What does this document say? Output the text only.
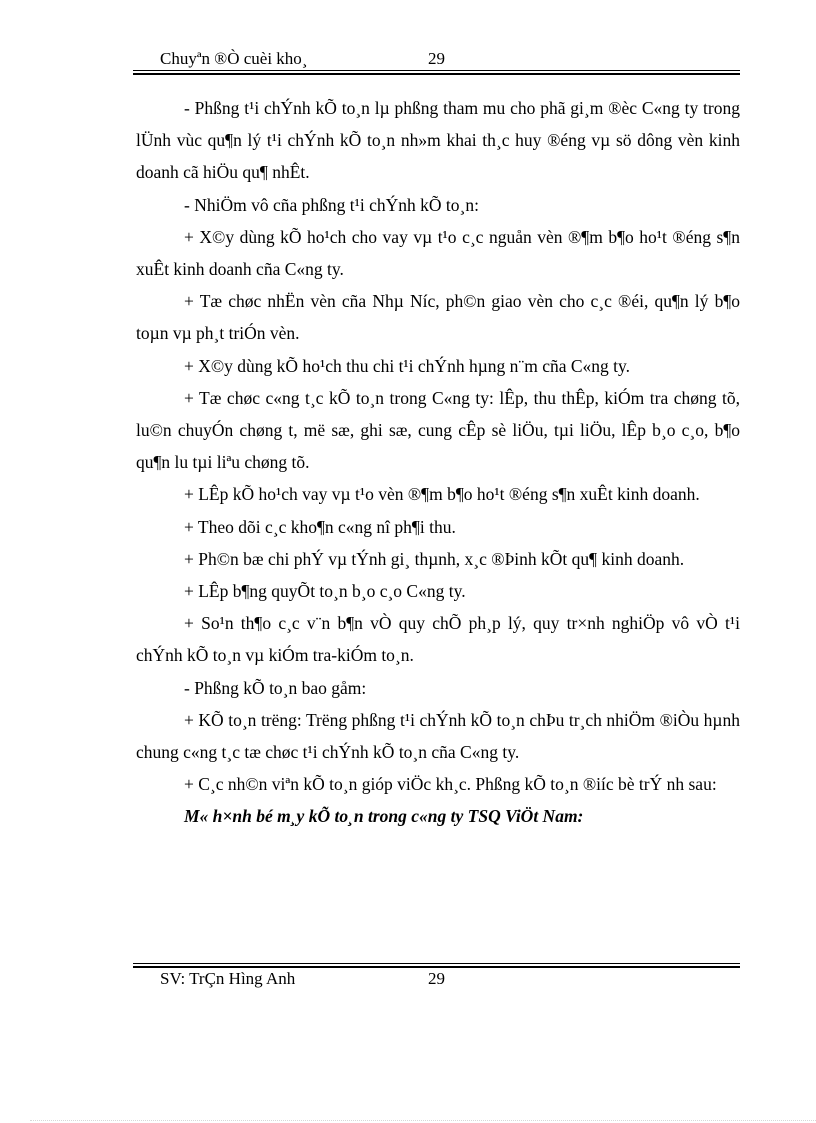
Chuyªn ®Ò cuèi kho¸	29

- Phßng t¹i chÝnh kÕ to¸n lµ phßng tham mu cho phã gi¸m ®èc C«ng ty trong lÜnh vùc qu¶n lý t¹i chÝnh kÕ to¸n nh»m khai th¸c huy ®éng vµ sö dông vèn kinh doanh cã hiÖu qu¶ nhÊt.

- NhiÖm vô cña phßng t¹i chÝnh kÕ to¸n:

+ X©y dùng kÕ ho¹ch cho vay vµ t¹o c¸c nguån vèn ®¶m b¶o ho¹t ®éng s¶n xuÊt kinh doanh cña C«ng ty.

+ Tæ chøc nhËn vèn cña Nhµ Níc, ph©n giao vèn cho c¸c ®éi, qu¶n lý b¶o toµn vµ ph¸t triÓn vèn.

+ X©y dùng kÕ ho¹ch thu chi t¹i chÝnh hµng n¨m cña C«ng ty.

+ Tæ chøc c«ng t¸c kÕ to¸n trong C«ng ty: lÊp, thu thÊp, kiÓm tra chøng tõ, lu©n chuyÓn chøng t, më sæ, ghi sæ, cung cÊp sè liÖu, tµi liÖu, lÊp b¸o c¸o, b¶o qu¶n lu tµi liªu chøng tõ.

+ LÊp kÕ ho¹ch vay vµ t¹o vèn ®¶m b¶o ho¹t ®éng s¶n xuÊt kinh doanh.

+ Theo dõi c¸c kho¶n c«ng nî ph¶i thu.

+ Ph©n bæ chi phÝ vµ tÝnh gi¸ thµnh, x¸c ®Þinh kÕt qu¶ kinh doanh.

+ LÊp b¶ng quyÕt to¸n b¸o c¸o C«ng ty.

+ So¹n th¶o c¸c v¨n b¶n vÒ quy chÕ ph¸p lý, quy tr×nh nghiÖp vô vÒ t¹i chÝnh kÕ to¸n vµ kiÓm tra-kiÓm to¸n.

- Phßng kÕ to¸n bao gåm:

+ KÕ to¸n trëng: Trëng phßng t¹i chÝnh kÕ to¸n chÞu tr¸ch nhiÖm ®iÒu hµnh chung c«ng t¸c tæ chøc t¹i chÝnh kÕ to¸n cña C«ng ty.

+ C¸c nh©n viªn kÕ to¸n gióp viÖc kh¸c. Phßng kÕ to¸n ®iíc bè trÝ nh sau:

M« h×nh bé m¸y kÕ to¸n trong c«ng ty TSQ ViÖt Nam:

SV: TrÇn Hìng Anh	29
